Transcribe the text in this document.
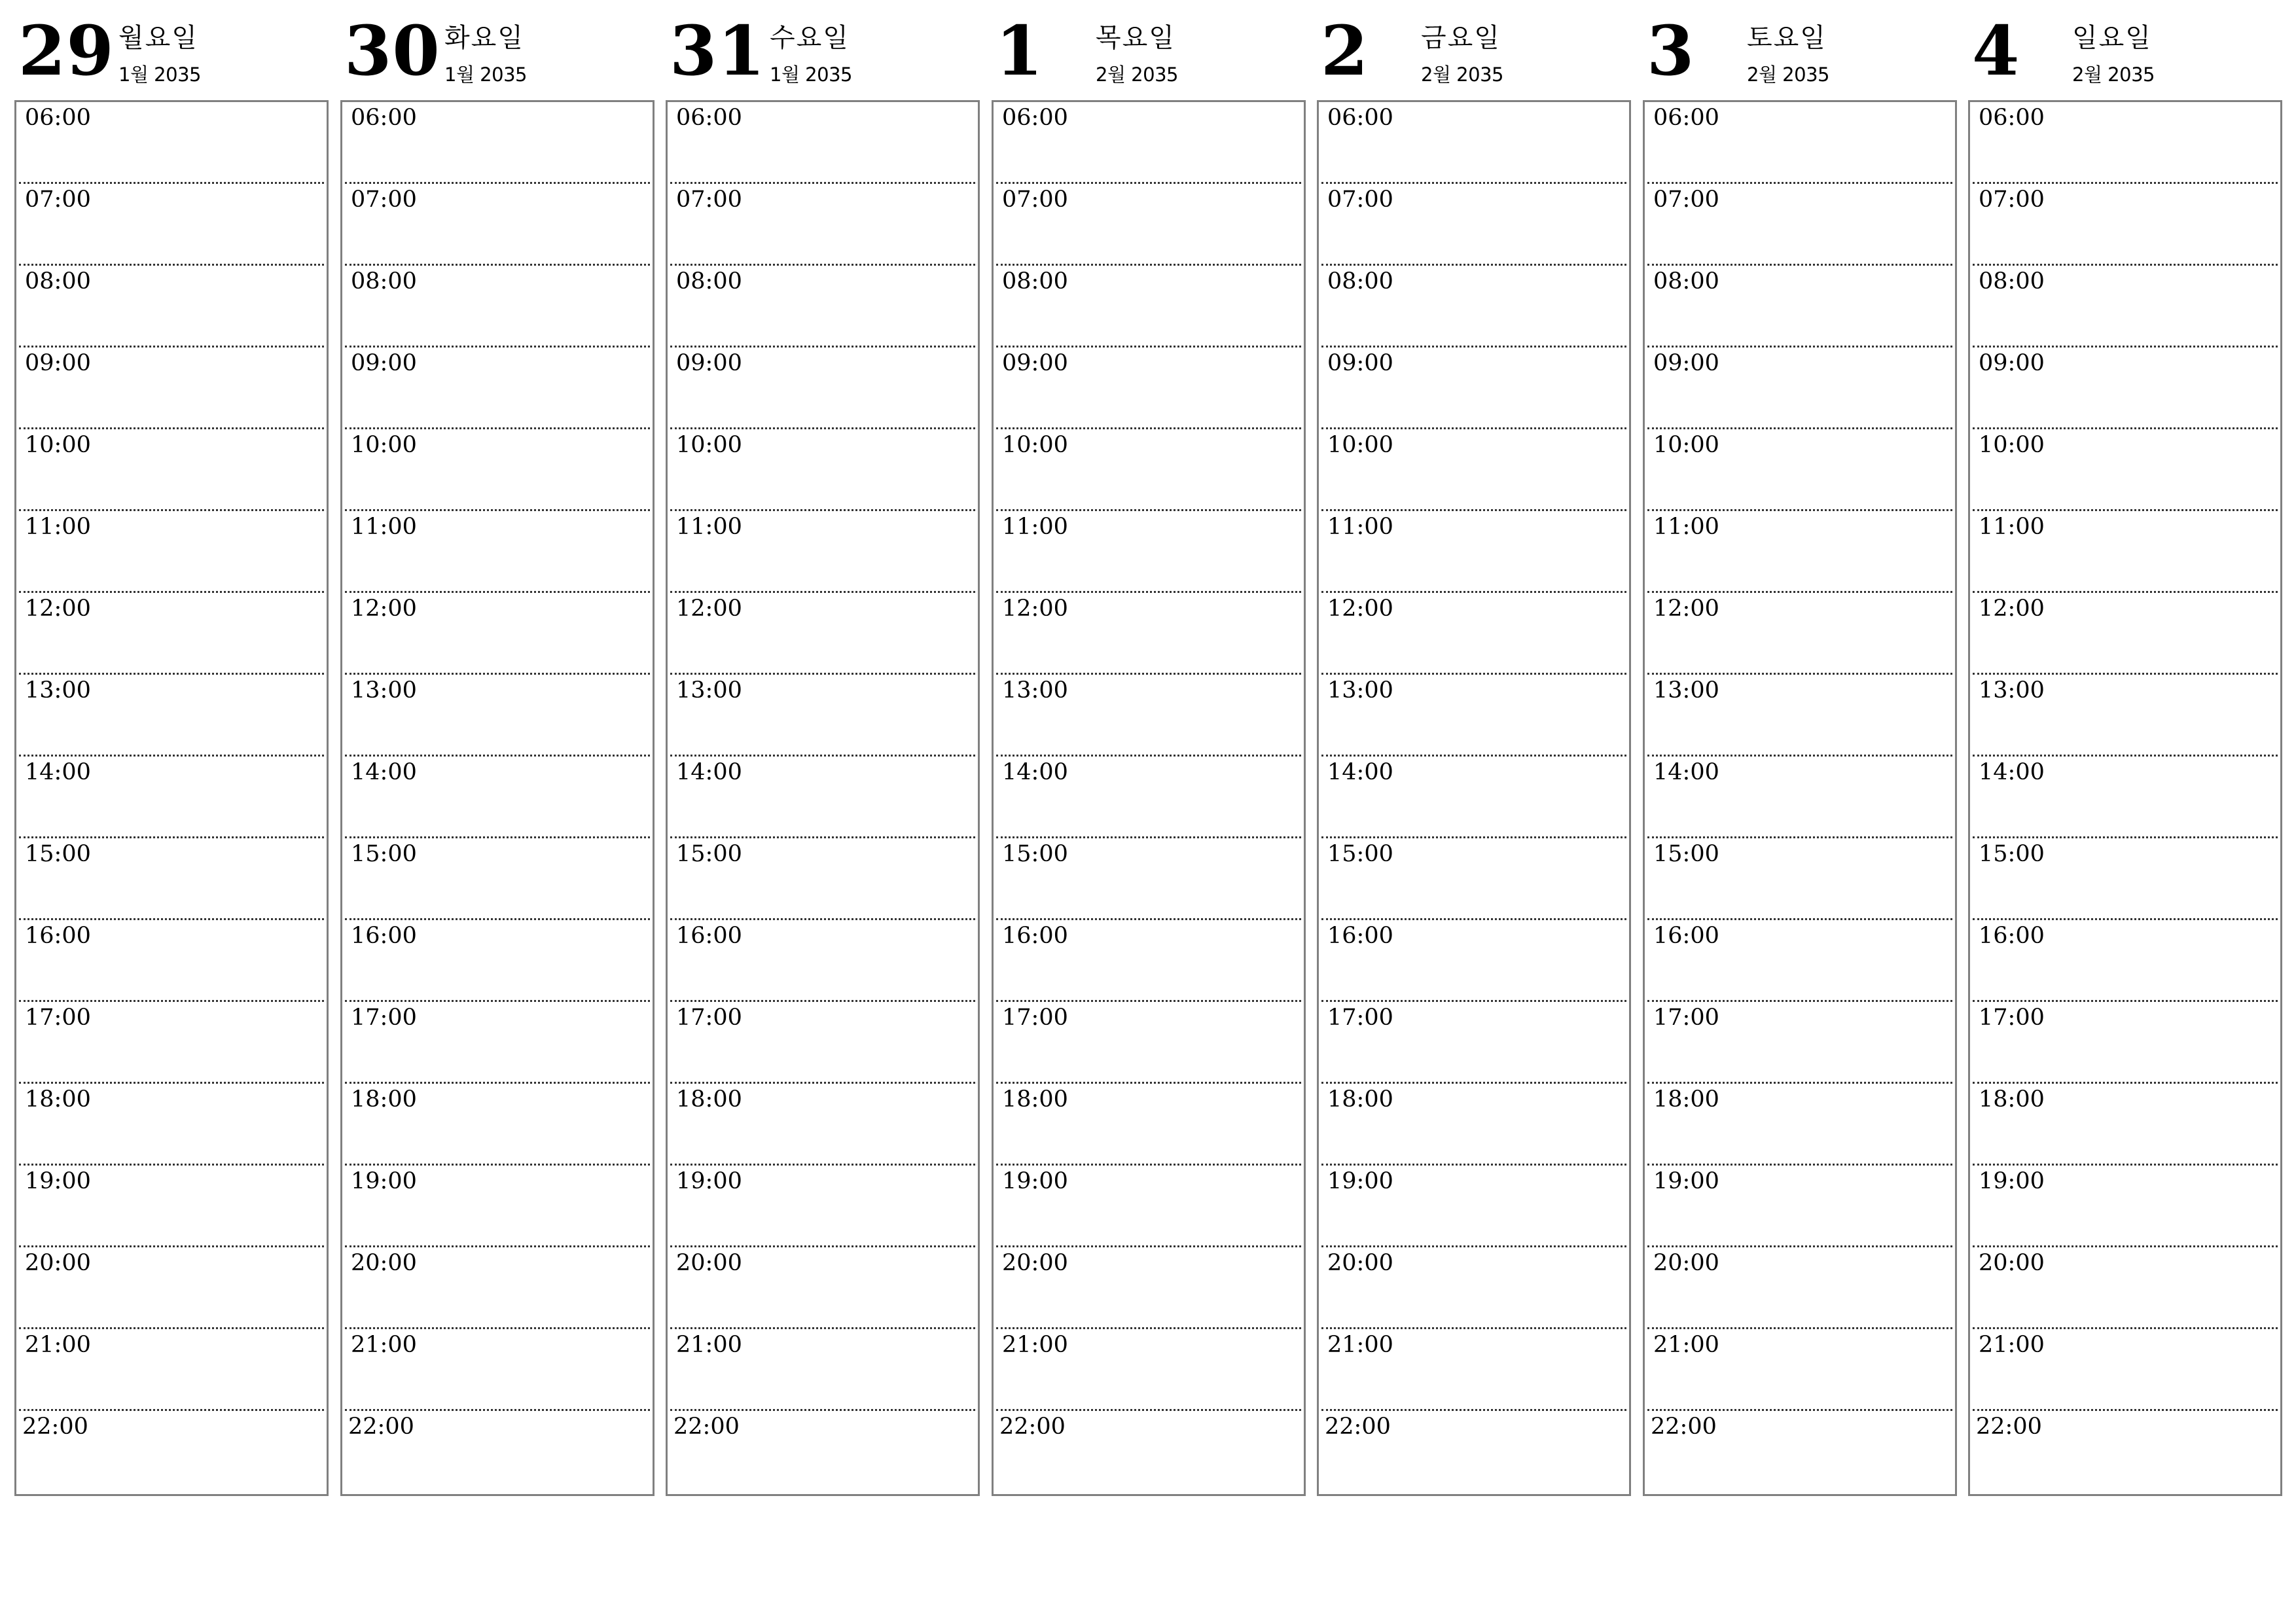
29 월요일
1월 2035
06:00
07:00
08:00
09:00
10:00
11:00
12:00
13:00
14:00
15:00
16:00
17:00
18:00
19:00
20:00
21:00
22:00
30 화요일
1월 2035
06:00
07:00
08:00
09:00
10:00
11:00
12:00
13:00
14:00
15:00
16:00
17:00
18:00
19:00
20:00
21:00
22:00
31 수요일
1월 2035
06:00
07:00
08:00
09:00
10:00
11:00
12:00
13:00
14:00
15:00
16:00
17:00
18:00
19:00
20:00
21:00
22:00
1 목요일
2월 2035
06:00
07:00
08:00
09:00
10:00
11:00
12:00
13:00
14:00
15:00
16:00
17:00
18:00
19:00
20:00
21:00
22:00
2 금요일
2월 2035
06:00
07:00
08:00
09:00
10:00
11:00
12:00
13:00
14:00
15:00
16:00
17:00
18:00
19:00
20:00
21:00
22:00
3 토요일
2월 2035
06:00
07:00
08:00
09:00
10:00
11:00
12:00
13:00
14:00
15:00
16:00
17:00
18:00
19:00
20:00
21:00
22:00
4 일요일
2월 2035
06:00
07:00
08:00
09:00
10:00
11:00
12:00
13:00
14:00
15:00
16:00
17:00
18:00
19:00
20:00
21:00
22:00
